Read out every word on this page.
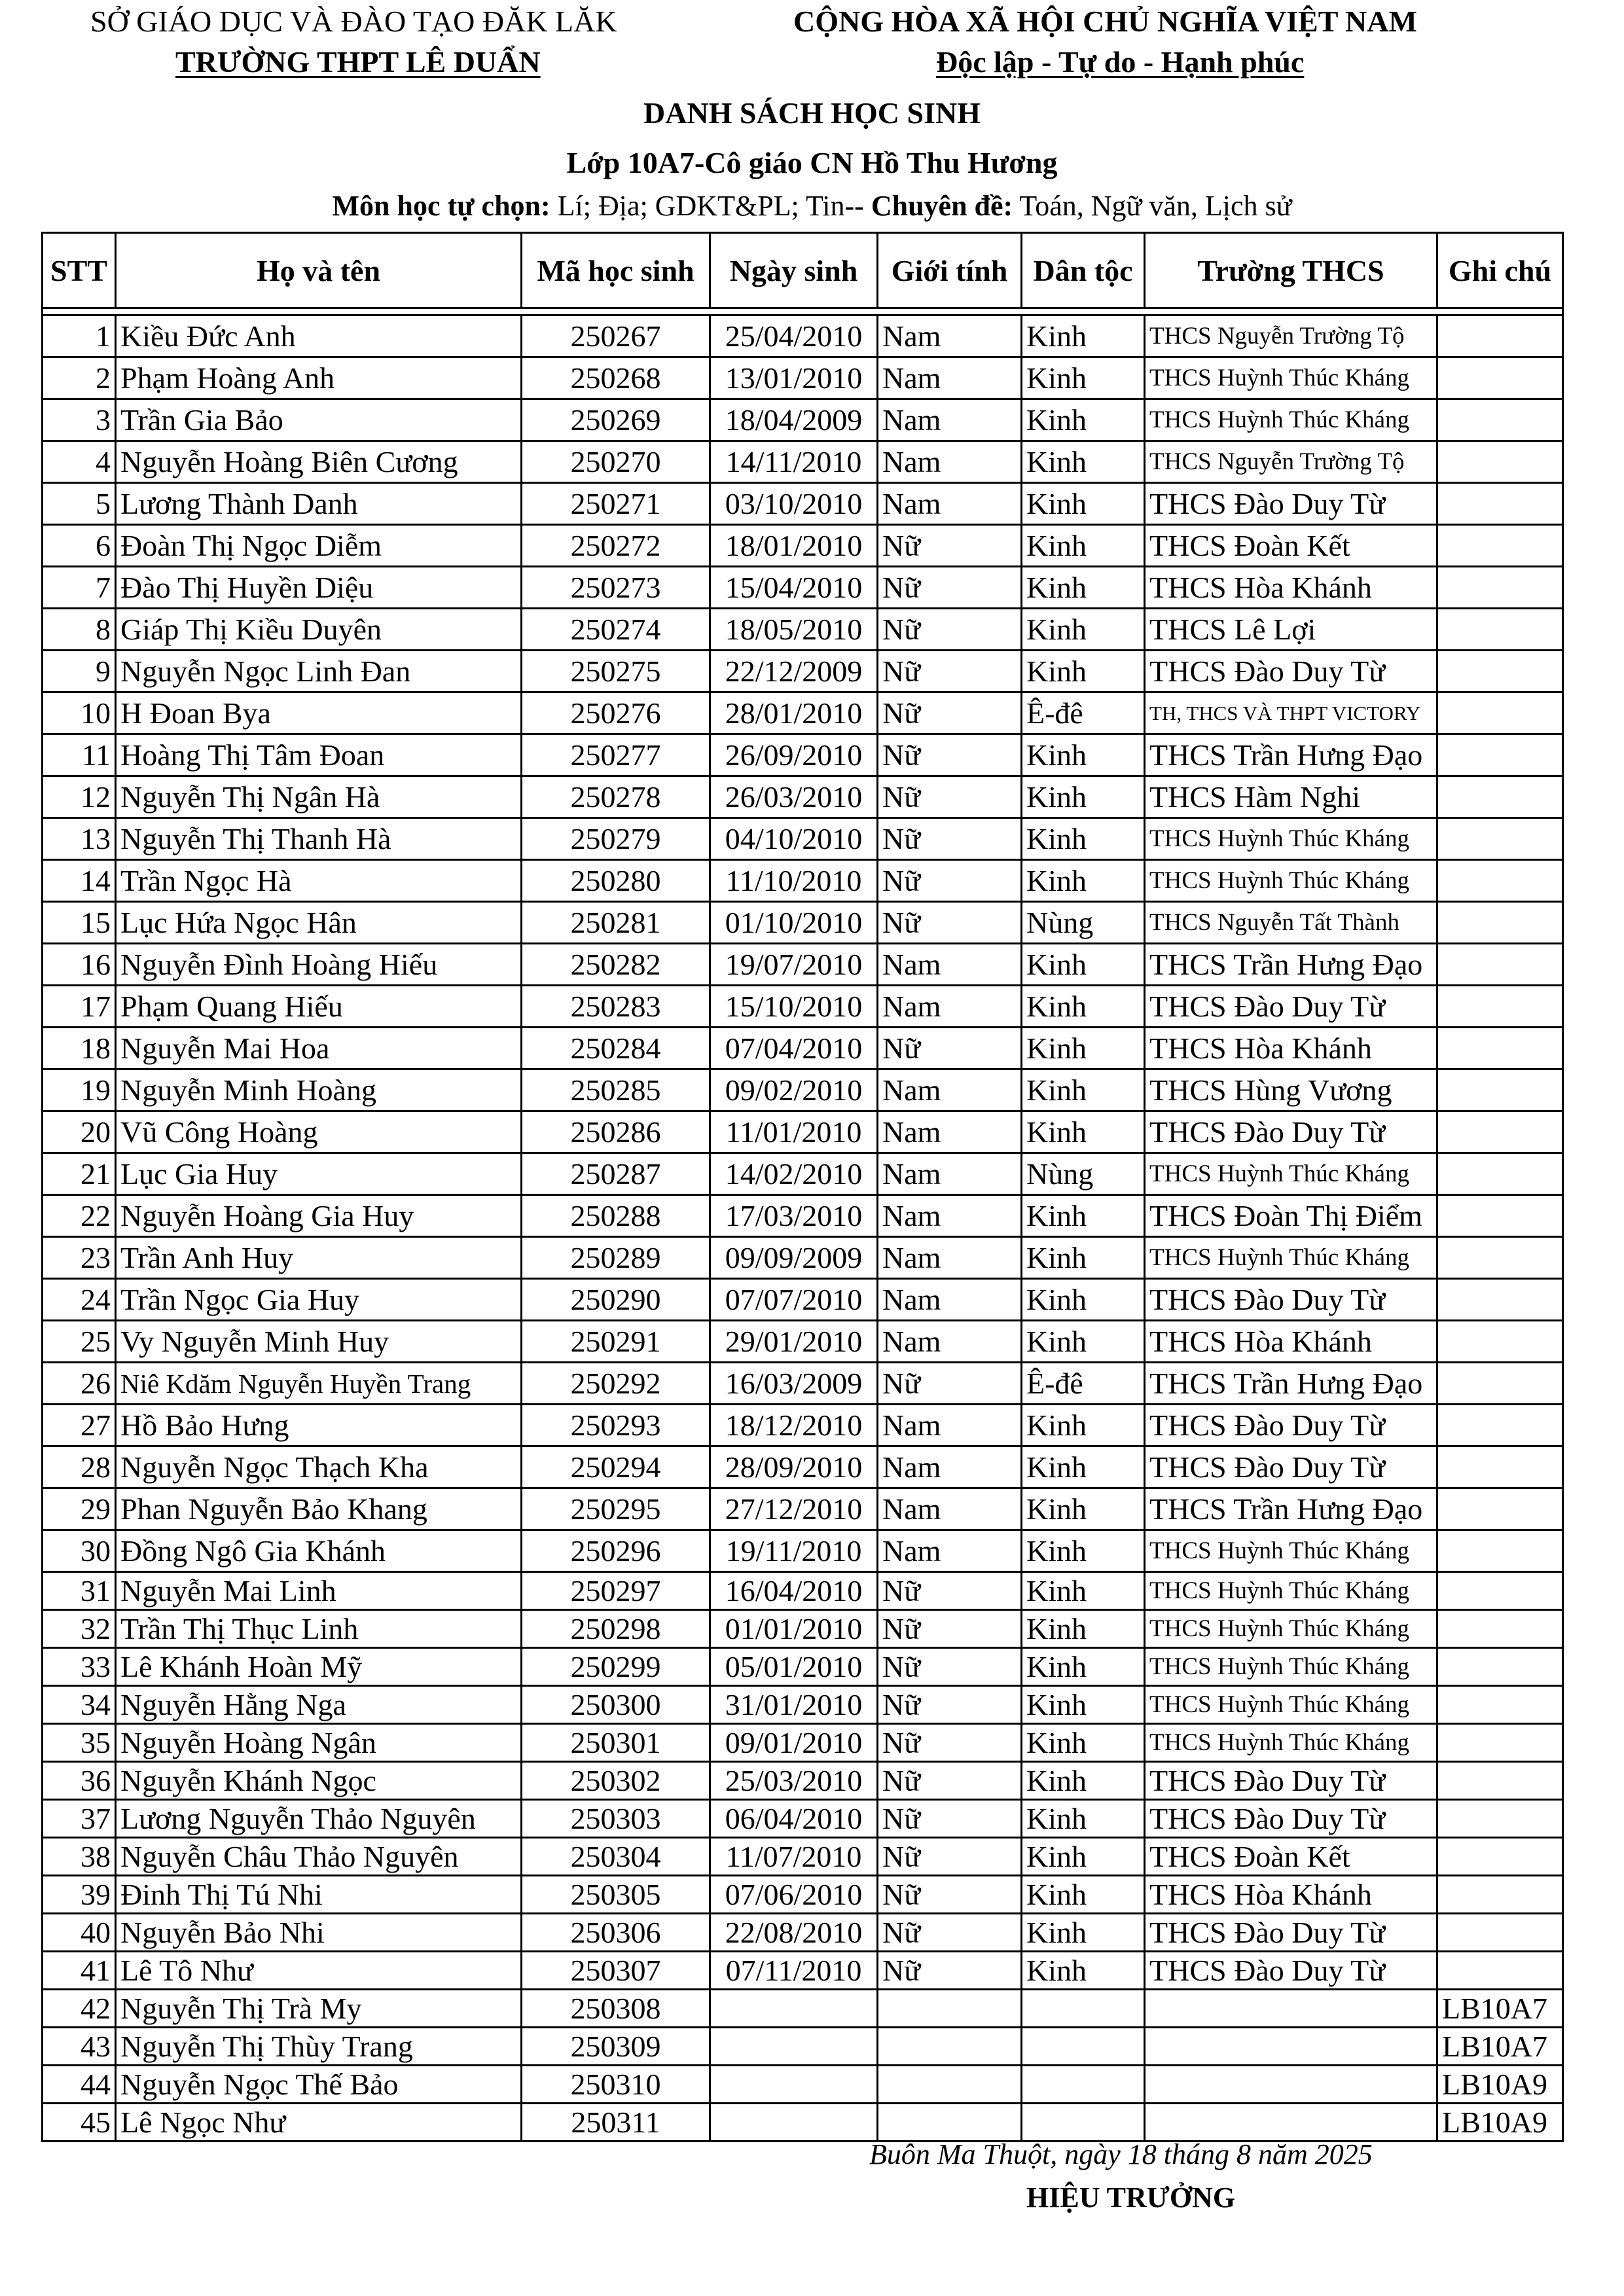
SỞ GIÁO DỤC VÀ ĐÀO TẠO ĐĂK LĂK
TRƯỜNG THPT LÊ DUẨN
CỘNG HÒA XÃ HỘI CHỦ NGHĨA VIỆT NAM
Độc lập - Tự do - Hạnh phúc
DANH SÁCH HỌC SINH
Lớp 10A7-Cô giáo CN Hồ Thu Hương
Môn học tự chọn: Lí; Địa; GDKT&PL; Tin-- Chuyên đề: Toán, Ngữ văn, Lịch sử
STT	Họ và tên	Mã học sinh	Ngày sinh	Giới tính	Dân tộc	Trường THCS	Ghi chú

1	Kiều Đức Anh	250267	25/04/2010	Nam	Kinh	THCS Nguyễn Trường Tộ	
2	Phạm Hoàng Anh	250268	13/01/2010	Nam	Kinh	THCS Huỳnh Thúc Kháng	
3	Trần Gia Bảo	250269	18/04/2009	Nam	Kinh	THCS Huỳnh Thúc Kháng	
4	Nguyễn Hoàng Biên Cương	250270	14/11/2010	Nam	Kinh	THCS Nguyễn Trường Tộ	
5	Lương Thành Danh	250271	03/10/2010	Nam	Kinh	THCS Đào Duy Từ	
6	Đoàn Thị Ngọc Diễm	250272	18/01/2010	Nữ	Kinh	THCS Đoàn Kết	
7	Đào Thị Huyền Diệu	250273	15/04/2010	Nữ	Kinh	THCS Hòa Khánh	
8	Giáp Thị Kiều Duyên	250274	18/05/2010	Nữ	Kinh	THCS Lê Lợi	
9	Nguyễn Ngọc Linh Đan	250275	22/12/2009	Nữ	Kinh	THCS Đào Duy Từ	
10	H Đoan Bya	250276	28/01/2010	Nữ	Ê-đê	TH, THCS VÀ THPT VICTORY	
11	Hoàng Thị Tâm Đoan	250277	26/09/2010	Nữ	Kinh	THCS Trần Hưng Đạo	
12	Nguyễn Thị Ngân Hà	250278	26/03/2010	Nữ	Kinh	THCS Hàm Nghi	
13	Nguyễn Thị Thanh Hà	250279	04/10/2010	Nữ	Kinh	THCS Huỳnh Thúc Kháng	
14	Trần Ngọc Hà	250280	11/10/2010	Nữ	Kinh	THCS Huỳnh Thúc Kháng	
15	Lục Hứa Ngọc Hân	250281	01/10/2010	Nữ	Nùng	THCS Nguyễn Tất Thành	
16	Nguyễn Đình Hoàng Hiếu	250282	19/07/2010	Nam	Kinh	THCS Trần Hưng Đạo	
17	Phạm Quang Hiếu	250283	15/10/2010	Nam	Kinh	THCS Đào Duy Từ	
18	Nguyễn Mai Hoa	250284	07/04/2010	Nữ	Kinh	THCS Hòa Khánh	
19	Nguyễn Minh Hoàng	250285	09/02/2010	Nam	Kinh	THCS Hùng Vương	
20	Vũ Công Hoàng	250286	11/01/2010	Nam	Kinh	THCS Đào Duy Từ	
21	Lục Gia Huy	250287	14/02/2010	Nam	Nùng	THCS Huỳnh Thúc Kháng	
22	Nguyễn Hoàng Gia Huy	250288	17/03/2010	Nam	Kinh	THCS Đoàn Thị Điểm	
23	Trần Anh Huy	250289	09/09/2009	Nam	Kinh	THCS Huỳnh Thúc Kháng	
24	Trần Ngọc Gia Huy	250290	07/07/2010	Nam	Kinh	THCS Đào Duy Từ	
25	Vy Nguyễn Minh Huy	250291	29/01/2010	Nam	Kinh	THCS Hòa Khánh	
26	Niê Kdăm Nguyễn Huyền Trang	250292	16/03/2009	Nữ	Ê-đê	THCS Trần Hưng Đạo	
27	Hồ Bảo Hưng	250293	18/12/2010	Nam	Kinh	THCS Đào Duy Từ	
28	Nguyễn Ngọc Thạch Kha	250294	28/09/2010	Nam	Kinh	THCS Đào Duy Từ	
29	Phan Nguyễn Bảo Khang	250295	27/12/2010	Nam	Kinh	THCS Trần Hưng Đạo	
30	Đồng Ngô Gia Khánh	250296	19/11/2010	Nam	Kinh	THCS Huỳnh Thúc Kháng	
31	Nguyễn Mai Linh	250297	16/04/2010	Nữ	Kinh	THCS Huỳnh Thúc Kháng	
32	Trần Thị Thục Linh	250298	01/01/2010	Nữ	Kinh	THCS Huỳnh Thúc Kháng	
33	Lê Khánh Hoàn Mỹ	250299	05/01/2010	Nữ	Kinh	THCS Huỳnh Thúc Kháng	
34	Nguyễn Hằng Nga	250300	31/01/2010	Nữ	Kinh	THCS Huỳnh Thúc Kháng	
35	Nguyễn Hoàng Ngân	250301	09/01/2010	Nữ	Kinh	THCS Huỳnh Thúc Kháng	
36	Nguyễn Khánh Ngọc	250302	25/03/2010	Nữ	Kinh	THCS Đào Duy Từ	
37	Lương Nguyễn Thảo Nguyên	250303	06/04/2010	Nữ	Kinh	THCS Đào Duy Từ	
38	Nguyễn Châu Thảo Nguyên	250304	11/07/2010	Nữ	Kinh	THCS Đoàn Kết	
39	Đinh Thị Tú Nhi	250305	07/06/2010	Nữ	Kinh	THCS Hòa Khánh	
40	Nguyễn Bảo Nhi	250306	22/08/2010	Nữ	Kinh	THCS Đào Duy Từ	
41	Lê Tô Như	250307	07/11/2010	Nữ	Kinh	THCS Đào Duy Từ	
42	Nguyễn Thị Trà My	250308					LB10A7
43	Nguyễn Thị Thùy Trang	250309					LB10A7
44	Nguyễn Ngọc Thế Bảo	250310					LB10A9
45	Lê Ngọc Như	250311					LB10A9
Buôn Ma Thuột, ngày 18 tháng 8 năm 2025
HIỆU TRƯỞNG
